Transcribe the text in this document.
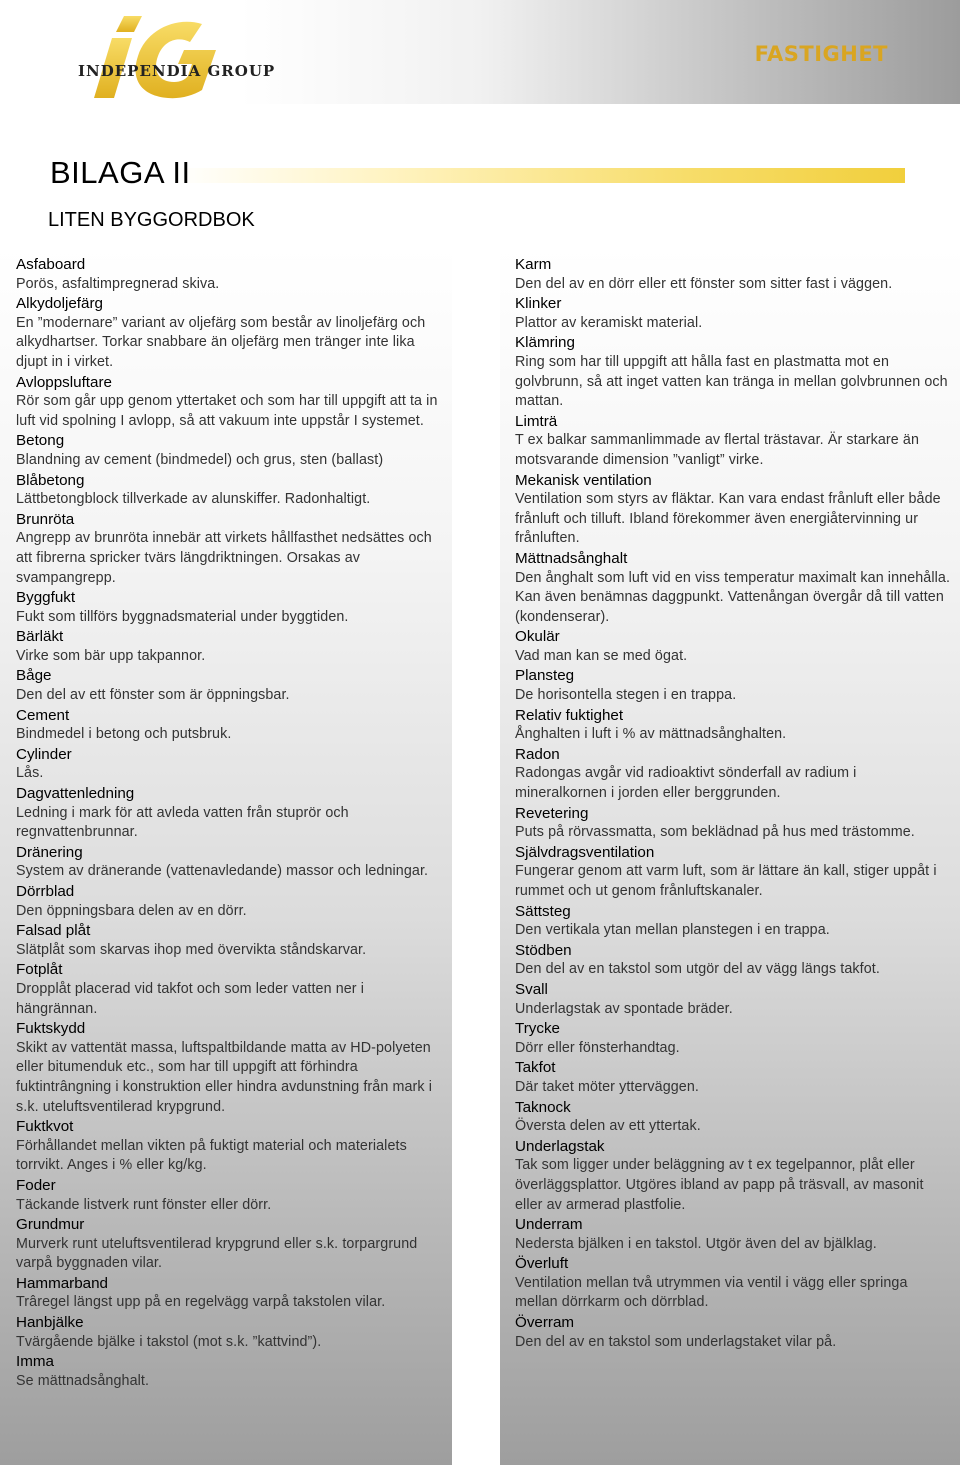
INDEPENDIA GROUP
FASTIGHET
BILAGA II
LITEN BYGGORDBOK
Asfaboard
Porös, asfaltimpregnerad skiva.
Alkydoljefärg
En ”modernare” variant av oljefärg som består av linoljefärg och alkydhartser. Torkar snabbare än oljefärg men tränger inte lika djupt in i virket.
Avloppsluftare
Rör som går upp genom yttertaket och som har till uppgift att ta in luft vid spolning I avlopp, så att vakuum inte uppstår I systemet.
Betong
Blandning av cement (bindmedel) och grus, sten (ballast)
Blåbetong
Lättbetongblock tillverkade av alunskiffer. Radonhaltigt.
Brunröta
Angrepp av brunröta innebär att virkets hållfasthet nedsättes och att fibrerna spricker tvärs längdriktningen. Orsakas av svampangrepp.
Byggfukt
Fukt som tillförs byggnadsmaterial under byggtiden.
Bärläkt
Virke som bär upp takpannor.
Båge
Den del av ett fönster som är öppningsbar.
Cement
Bindmedel i betong och putsbruk.
Cylinder
Lås.
Dagvattenledning
Ledning i mark för att avleda vatten från stuprör och regnvattenbrunnar.
Dränering
System av dränerande (vattenavledande) massor och ledningar.
Dörrblad
Den öppningsbara delen av en dörr.
Falsad plåt
Slätplåt som skarvas ihop med övervikta ståndskarvar.
Fotplåt
Dropplåt placerad vid takfot och som leder vatten ner i hängrännan.
Fuktskydd
Skikt av vattentät massa, luftspaltbildande matta av HD-polyeten eller bitumenduk etc., som har till uppgift att förhindra fuktintrângning i konstruktion eller hindra avdunstning från mark i s.k. uteluftsventilerad krypgrund.
Fuktkvot
Förhållandet mellan vikten på fuktigt material och materialets torrvikt. Anges i % eller kg/kg.
Foder
Täckande listverk runt fönster eller dörr.
Grundmur
Murverk runt uteluftsventilerad krypgrund eller s.k. torpargrund varpå byggnaden vilar.
Hammarband
Trâregel längst upp på en regelvägg varpå takstolen vilar.
Hanbjälke
Tvärgående bjälke i takstol (mot s.k. ”kattvind”).
Imma
Se mättnadsånghalt.
Karm
Den del av en dörr eller ett fönster som sitter fast i väggen.
Klinker
Plattor av keramiskt material.
Klämring
Ring som har till uppgift att hålla fast en plastmatta mot en golvbrunn, så att inget vatten kan tränga in mellan golvbrunnen och mattan.
Limträ
T ex balkar sammanlimmade av flertal trästavar. Är starkare än motsvarande dimension ”vanligt” virke.
Mekanisk ventilation
Ventilation som styrs av fläktar. Kan vara endast frånluft eller både frånluft och tilluft. Ibland förekommer även energiåtervinning ur frånluften.
Mättnadsånghalt
Den ånghalt som luft vid en viss temperatur maximalt kan innehålla. Kan även benämnas daggpunkt. Vattenångan övergår då till vatten (kondenserar).
Okulär
Vad man kan se med ögat.
Plansteg
De horisontella stegen i en trappa.
Relativ fuktighet
Ånghalten i luft i % av mättnadsånghalten.
Radon
Radongas avgår vid radioaktivt sönderfall av radium i mineralkornen i jorden eller berggrunden.
Revetering
Puts på rörvassmatta, som beklädnad på hus med trästomme.
Självdragsventilation
Fungerar genom att varm luft, som är lättare än kall, stiger uppåt i rummet och ut genom frånluftskanaler.
Sättsteg
Den vertikala ytan mellan planstegen i en trappa.
Stödben
Den del av en takstol som utgör del av vägg längs takfot.
Svall
Underlagstak av spontade bräder.
Trycke
Dörr eller fönsterhandtag.
Takfot
Där taket möter ytterväggen.
Taknock
Översta delen av ett yttertak.
Underlagstak
Tak som ligger under beläggning av t ex tegelpannor, plåt eller överläggsplattor. Utgöres ibland av papp på träsvall, av masonit eller av armerad plastfolie.
Underram
Nedersta bjälken i en takstol. Utgör även del av bjälklag.
Överluft
Ventilation mellan två utrymmen via ventil i vägg eller springa mellan dörrkarm och dörrblad.
Överram
Den del av en takstol som underlagstaket vilar på.
